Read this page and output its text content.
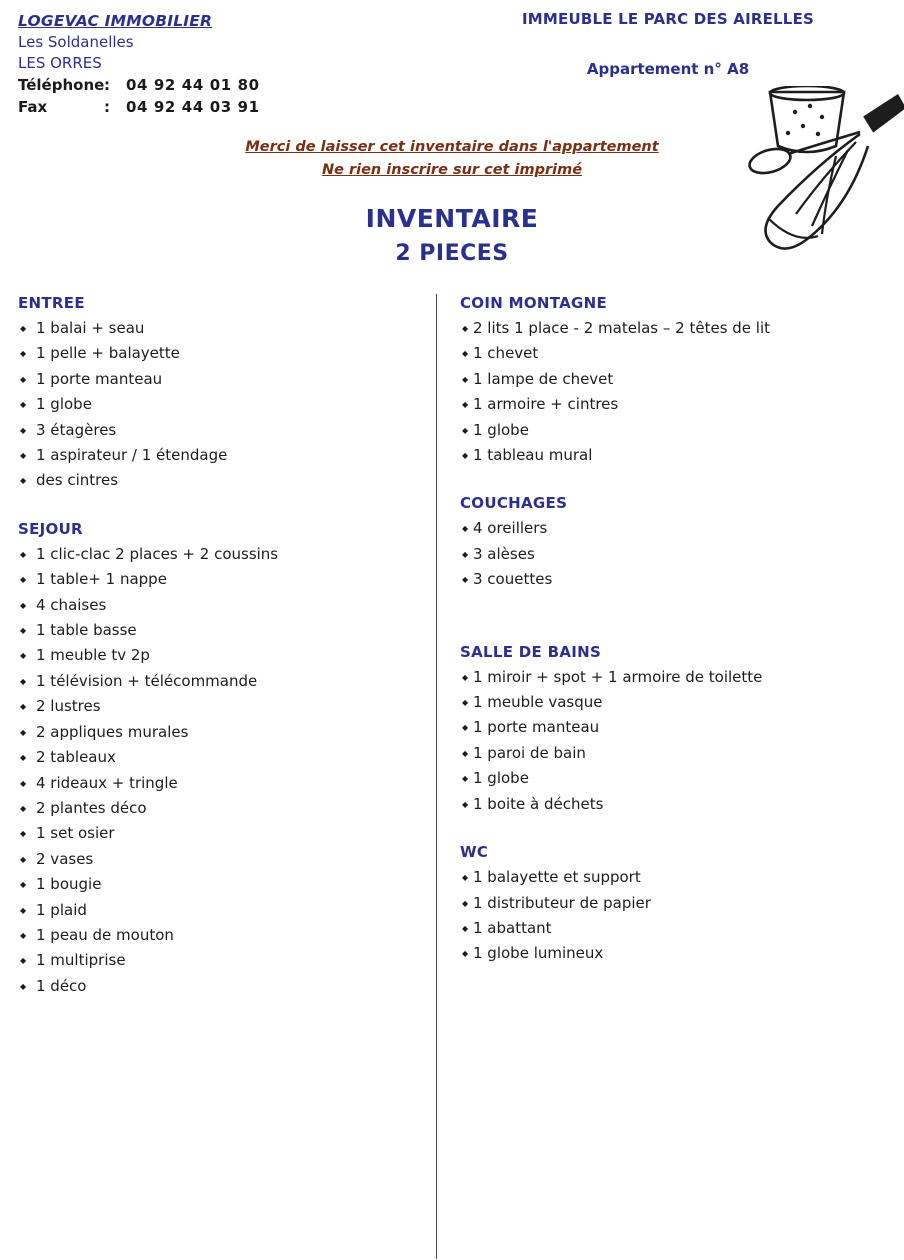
LOGEVAC IMMOBILIER
Les Soldanelles
LES ORRES
Téléphone :	04 92 44 01 80
Fax	:	04 92 44 03 91
IMMEUBLE LE PARC DES AIRELLES
Appartement n° A8
Merci de laisser cet inventaire dans l'appartement
Ne rien inscrire sur cet imprimé
INVENTAIRE
2 PIECES
ENTREE
◆ 1 balai + seau
◆ 1 pelle + balayette
◆ 1 porte manteau
◆ 1 globe
◆ 3 étagères
◆ 1 aspirateur / 1 étendage
◆ des cintres
SEJOUR
◆ 1 clic-clac 2 places + 2 coussins
◆ 1 table+ 1 nappe
◆ 4 chaises
◆ 1 table basse
◆ 1 meuble tv 2p
◆ 1 télévision + télécommande
◆ 2 lustres
◆ 2 appliques murales
◆ 2 tableaux
◆ 4 rideaux + tringle
◆ 2 plantes déco
◆ 1 set osier
◆ 2 vases
◆ 1 bougie
◆ 1 plaid
◆ 1 peau de mouton
◆ 1 multiprise
◆ 1 déco
COIN MONTAGNE
◆ 2 lits 1 place - 2 matelas – 2 têtes de lit
◆ 1 chevet
◆ 1 lampe de chevet
◆ 1 armoire + cintres
◆ 1 globe
◆ 1 tableau mural
COUCHAGES
◆ 4 oreillers
◆ 3 alèses
◆ 3 couettes
SALLE DE BAINS
◆ 1 miroir + spot + 1 armoire de toilette
◆ 1 meuble vasque
◆ 1 porte manteau
◆ 1 paroi de bain
◆ 1 globe
◆ 1 boite à déchets
WC
◆ 1 balayette et support
◆ 1 distributeur de papier
◆ 1 abattant
◆ 1 globe lumineux
